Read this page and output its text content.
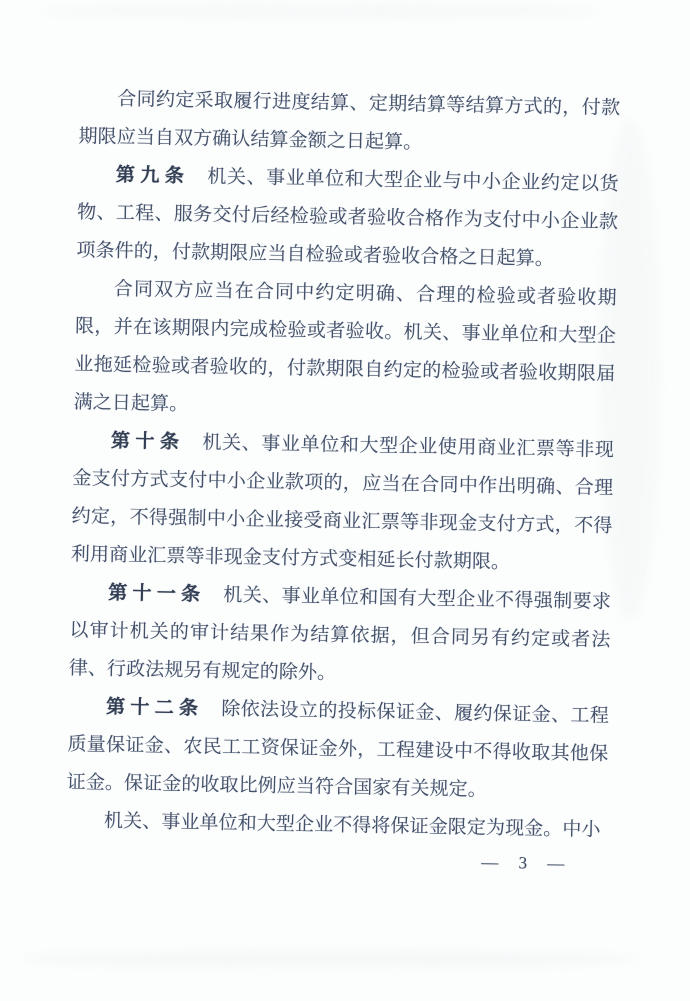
合同约定采取履行进度结算、定期结算等结算方式的，付款期限应当自双方确认结算金额之日起算。

第九条 机关、事业单位和大型企业与中小企业约定以货物、工程、服务交付后经检验或者验收合格作为支付中小企业款项条件的，付款期限应当自检验或者验收合格之日起算。

合同双方应当在合同中约定明确、合理的检验或者验收期限，并在该期限内完成检验或者验收。机关、事业单位和大型企业拖延检验或者验收的，付款期限自约定的检验或者验收期限届满之日起算。

第十条 机关、事业单位和大型企业使用商业汇票等非现金支付方式支付中小企业款项的，应当在合同中作出明确、合理约定，不得强制中小企业接受商业汇票等非现金支付方式，不得利用商业汇票等非现金支付方式变相延长付款期限。

第十一条 机关、事业单位和国有大型企业不得强制要求以审计机关的审计结果作为结算依据，但合同另有约定或者法律、行政法规另有规定的除外。

第十二条 除依法设立的投标保证金、履约保证金、工程质量保证金、农民工工资保证金外，工程建设中不得收取其他保证金。保证金的收取比例应当符合国家有关规定。

机关、事业单位和大型企业不得将保证金限定为现金。中小

— 3 —
